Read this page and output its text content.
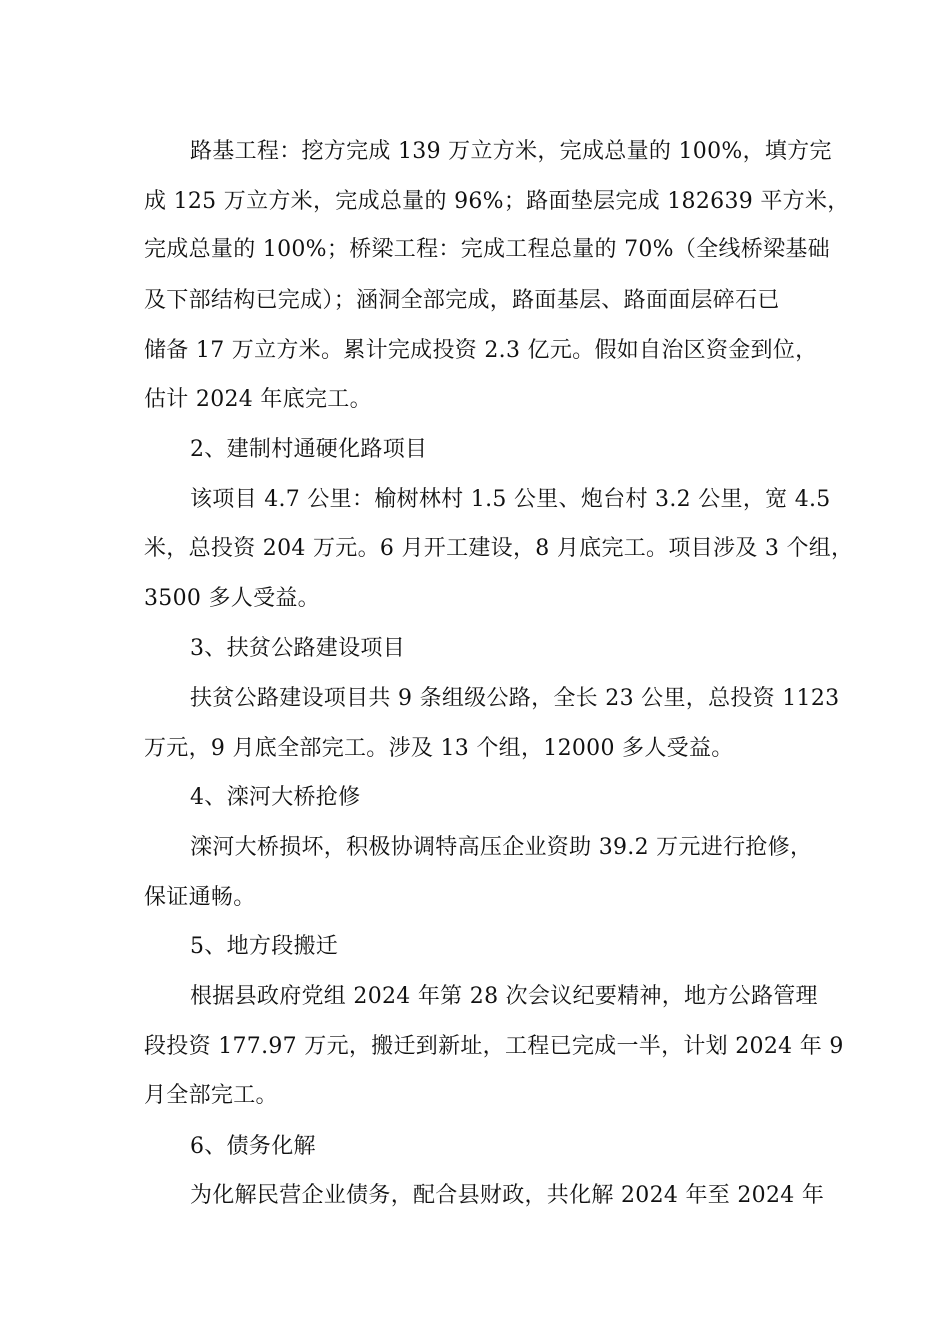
路基工程：挖方完成 139 万立方米，完成总量的 100%，填方完
成 125 万立方米，完成总量的 96%；路面垫层完成 182639 平方米，
完成总量的 100%；桥梁工程：完成工程总量的 70%（全线桥梁基础
及下部结构已完成）；涵洞全部完成，路面基层、路面面层碎石已
储备 17 万立方米。累计完成投资 2.3 亿元。假如自治区资金到位，
估计 2024 年底完工。
2、建制村通硬化路项目
该项目 4.7 公里：榆树林村 1.5 公里、炮台村 3.2 公里，宽 4.5
米，总投资 204 万元。6 月开工建设，8 月底完工。项目涉及 3 个组，
3500 多人受益。
3、扶贫公路建设项目
扶贫公路建设项目共 9 条组级公路，全长 23 公里，总投资 1123
万元，9 月底全部完工。涉及 13 个组，12000 多人受益。
4、滦河大桥抢修
滦河大桥损坏，积极协调特高压企业资助 39.2 万元进行抢修，
保证通畅。
5、地方段搬迁
根据县政府党组 2024 年第 28 次会议纪要精神，地方公路管理
段投资 177.97 万元，搬迁到新址，工程已完成一半，计划 2024 年 9
月全部完工。
6、债务化解
为化解民营企业债务，配合县财政，共化解 2024 年至 2024 年
